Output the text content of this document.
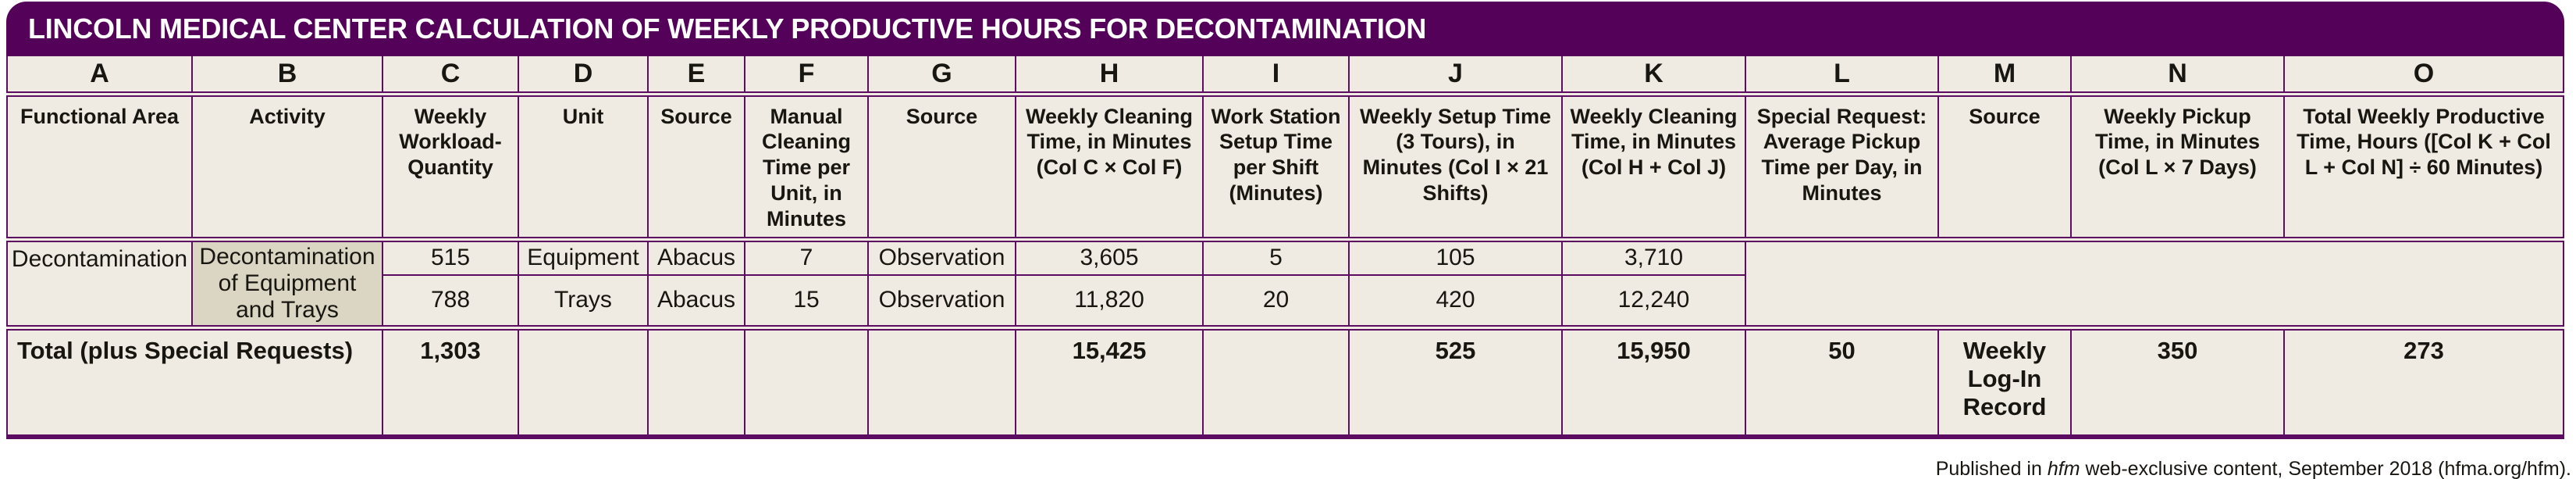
LINCOLN MEDICAL CENTER CALCULATION OF WEEKLY PRODUCTIVE HOURS FOR DECONTAMINATION
A	B	C	D	E	F	G	H	I	J	K	L	M	N	O
Functional Area	Activity	Weekly Workload-Quantity	Unit	Source	Manual Cleaning Time per Unit, in Minutes	Source	Weekly Cleaning Time, in Minutes (Col C × Col F)	Work Station Setup Time per Shift (Minutes)	Weekly Setup Time (3 Tours), in Minutes (Col I × 21 Shifts)	Weekly Cleaning Time, in Minutes (Col H + Col J)	Special Request: Average Pickup Time per Day, in Minutes	Source	Weekly Pickup Time, in Minutes (Col L × 7 Days)	Total Weekly Productive Time, Hours ([Col K + Col L + Col N] ÷ 60 Minutes)
Decontamination	Decontamination of Equipment and Trays	515	Equipment	Abacus	7	Observation	3,605	5	105	3,710				
		788	Trays	Abacus	15	Observation	11,820	20	420	12,240				
Total (plus Special Requests)		1,303					15,425		525	15,950	50	Weekly Log-In Record	350	273
Published in hfm web-exclusive content, September 2018 (hfma.org/hfm).
